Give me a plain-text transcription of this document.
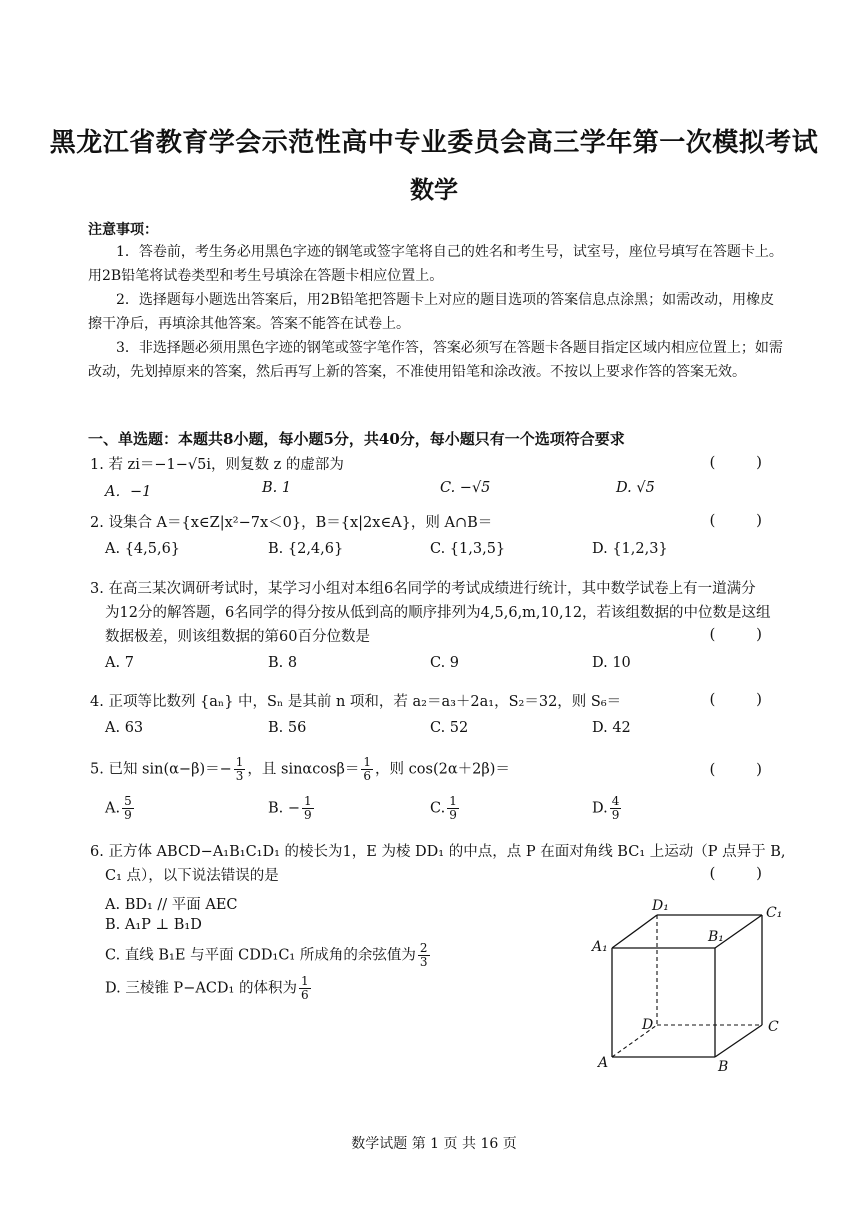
黑龙江省教育学会示范性高中专业委员会高三学年第一次模拟考试
数学
注意事项：
1．答卷前，考生务必用黑色字迹的钢笔或签字笔将自己的姓名和考生号，试室号，座位号填写在答题卡上。用2B铅笔将试卷类型和考生号填涂在答题卡相应位置上。
2．选择题每小题选出答案后，用2B铅笔把答题卡上对应的题目选项的答案信息点涂黑；如需改动，用橡皮擦干净后，再填涂其他答案。答案不能答在试卷上。
3．非选择题必须用黑色字迹的钢笔或签字笔作答，答案必须写在答题卡各题目指定区域内相应位置上；如需改动，先划掉原来的答案，然后再写上新的答案，不准使用铅笔和涂改液。不按以上要求作答的答案无效。
一、单选题：本题共8小题，每小题5分，共40分，每小题只有一个选项符合要求
1. 若 zi＝−1−√5i，则复数 z 的虚部为	( )
A．−1	B. 1	C. −√5	D. √5
2. 设集合 A＝{x∈Z|x²−7x＜0}，B＝{x|2x∈A}，则 A∩B＝	( )
A. {4,5,6}	B. {2,4,6}	C. {1,3,5}	D. {1,2,3}
3. 在高三某次调研考试时，某学习小组对本组6名同学的考试成绩进行统计，其中数学试卷上有一道满分
为12分的解答题，6名同学的得分按从低到高的顺序排列为4,5,6,m,10,12，若该组数据的中位数是这组
数据极差，则该组数据的第60百分位数是	( )
A. 7	B. 8	C. 9	D. 10
4. 正项等比数列 {aₙ} 中，Sₙ 是其前 n 项和，若 a₂＝a₃＋2a₁，S₂＝32，则 S₆＝	( )
A. 63	B. 56	C. 52	D. 42
5. 已知 $\sin(\alpha-\beta)=- \frac{1}{3}$ ，且 $\sin\alpha\cos\beta= \frac{1}{6}$ ，则 cos(2α＋2β)＝	( )
A. $\frac{5}{9}$	B. − $\frac{1}{9}$	C. $\frac{1}{9}$	D. $\frac{4}{9}$
6. 正方体 ABCD−A₁B₁C₁D₁ 的棱长为1，E 为棱 DD₁ 的中点，点 P 在面对角线 BC₁ 上运动（P 点异于 B,
C₁ 点），以下说法错误的是	( )
A. BD₁ // 平面 AEC
B. A₁P ⊥ B₁D
C. 直线 B₁E 与平面 CDD₁C₁ 所成角的余弦值为 $\frac{2}{3}$
D. 三棱锥 P−ACD₁ 的体积为 $\frac{1}{6}$
D₁	C₁
A₁
B₁
D	C
A	B
数学试题 第 1 页 共 16 页
